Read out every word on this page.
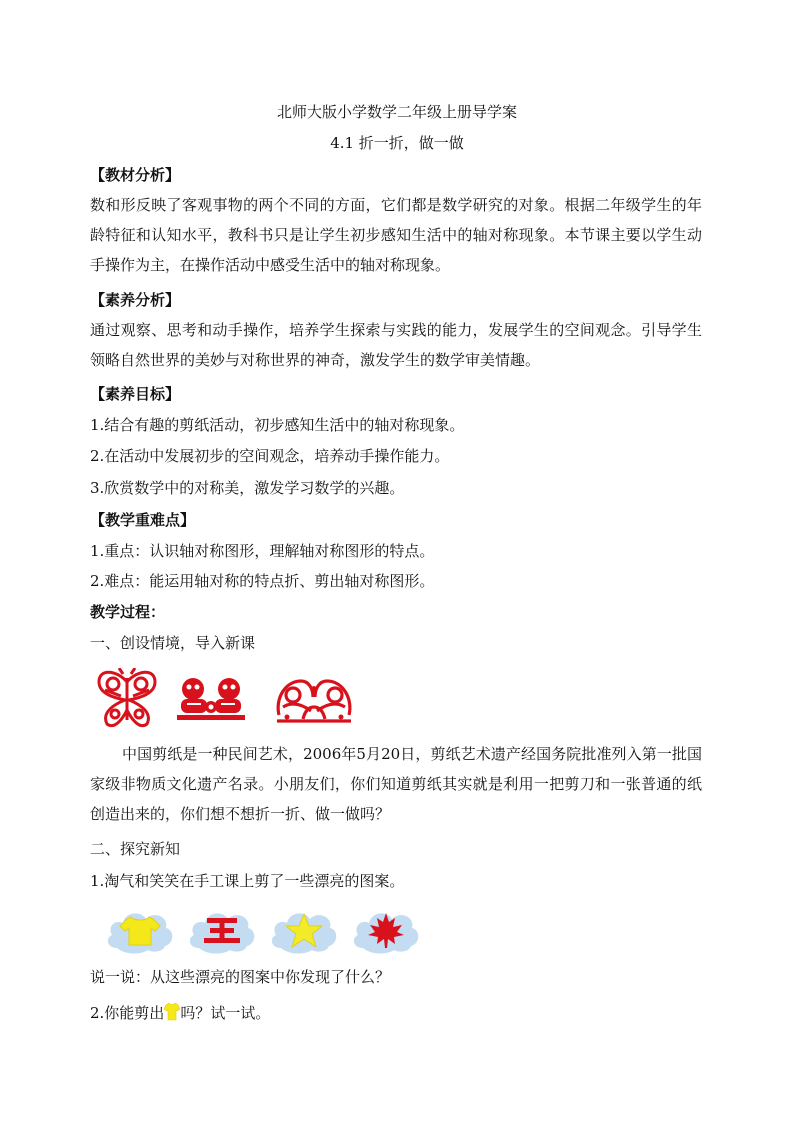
北师大版小学数学二年级上册导学案
4.1 折一折，做一做
【教材分析】
数和形反映了客观事物的两个不同的方面，它们都是数学研究的对象。根据二年级学生的年龄特征和认知水平，教科书只是让学生初步感知生活中的轴对称现象。本节课主要以学生动手操作为主，在操作活动中感受生活中的轴对称现象。
【素养分析】
通过观察、思考和动手操作，培养学生探索与实践的能力，发展学生的空间观念。引导学生领略自然世界的美妙与对称世界的神奇，激发学生的数学审美情趣。
【素养目标】
1.结合有趣的剪纸活动，初步感知生活中的轴对称现象。
2.在活动中发展初步的空间观念，培养动手操作能力。
3.欣赏数学中的对称美，激发学习数学的兴趣。
【教学重难点】
1.重点：认识轴对称图形，理解轴对称图形的特点。
2.难点：能运用轴对称的特点折、剪出轴对称图形。
教学过程：
一、创设情境，导入新课
中国剪纸是一种民间艺术，2006年5月20日，剪纸艺术遗产经国务院批准列入第一批国家级非物质文化遗产名录。小朋友们，你们知道剪纸其实就是利用一把剪刀和一张普通的纸创造出来的，你们想不想折一折、做一做吗？
二、探究新知
1.淘气和笑笑在手工课上剪了一些漂亮的图案。
说一说：从这些漂亮的图案中你发现了什么？
2.你能剪出 吗？试一试。
